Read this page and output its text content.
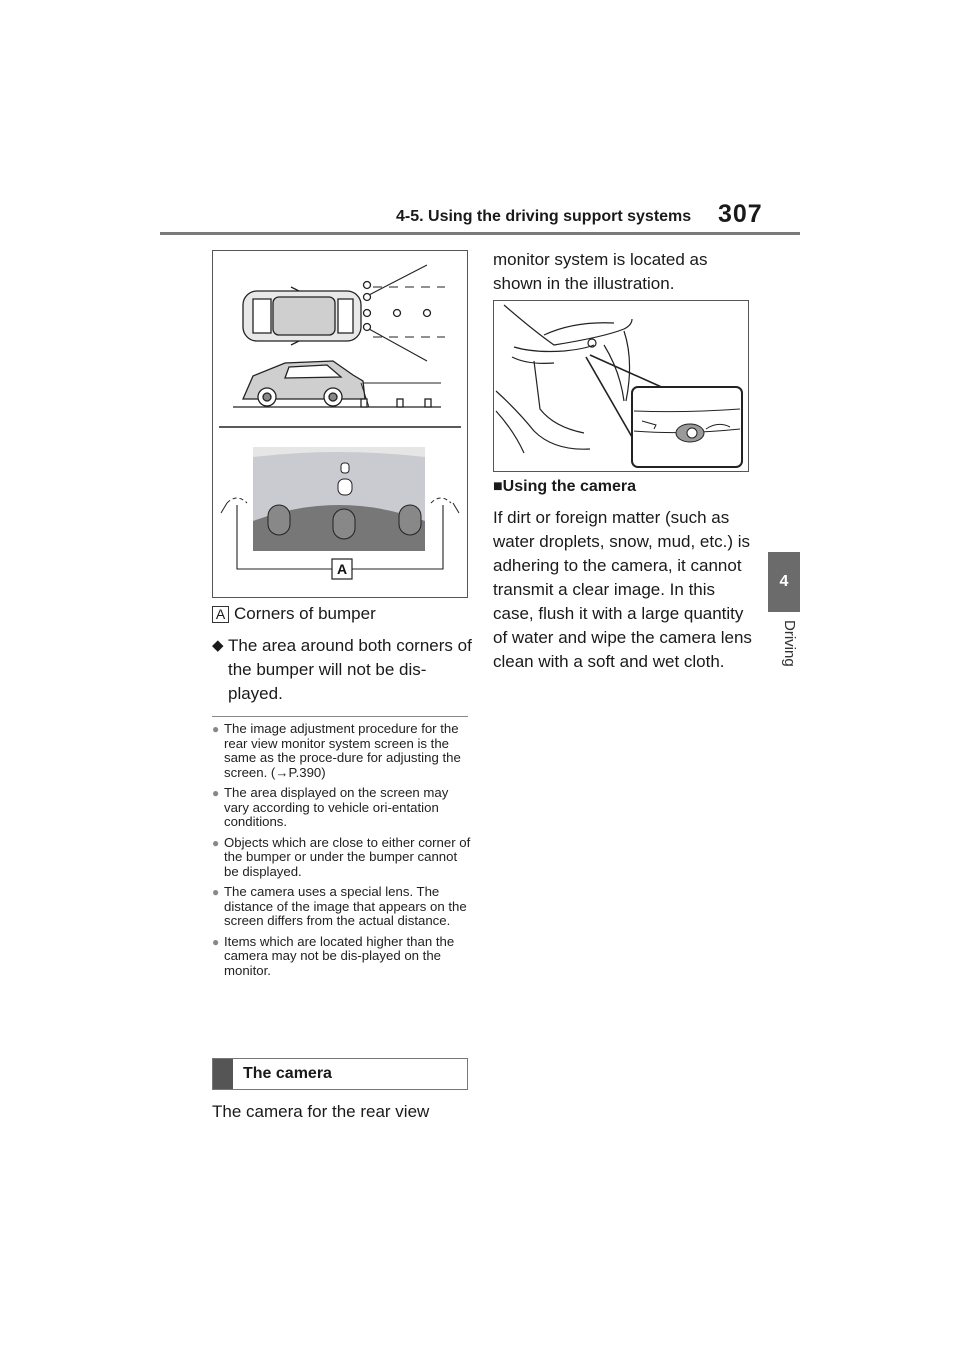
4-5. Using the driving support systems 307
4
Driving
A
A Corners of bumper
◆ The area around both corners of the bumper will not be dis-played.
● The image adjustment procedure for the rear view monitor system screen is the same as the proce-dure for adjusting the screen. (→P.390)
● The area displayed on the screen may vary according to vehicle ori-entation conditions.
● Objects which are close to either corner of the bumper or under the bumper cannot be displayed.
● The camera uses a special lens. The distance of the image that appears on the screen differs from the actual distance.
● Items which are located higher than the camera may not be dis-played on the monitor.
The camera
The camera for the rear view
monitor system is located as shown in the illustration.
■Using the camera
If dirt or foreign matter (such as water droplets, snow, mud, etc.) is adhering to the camera, it cannot transmit a clear image. In this case, flush it with a large quantity of water and wipe the camera lens clean with a soft and wet cloth.
